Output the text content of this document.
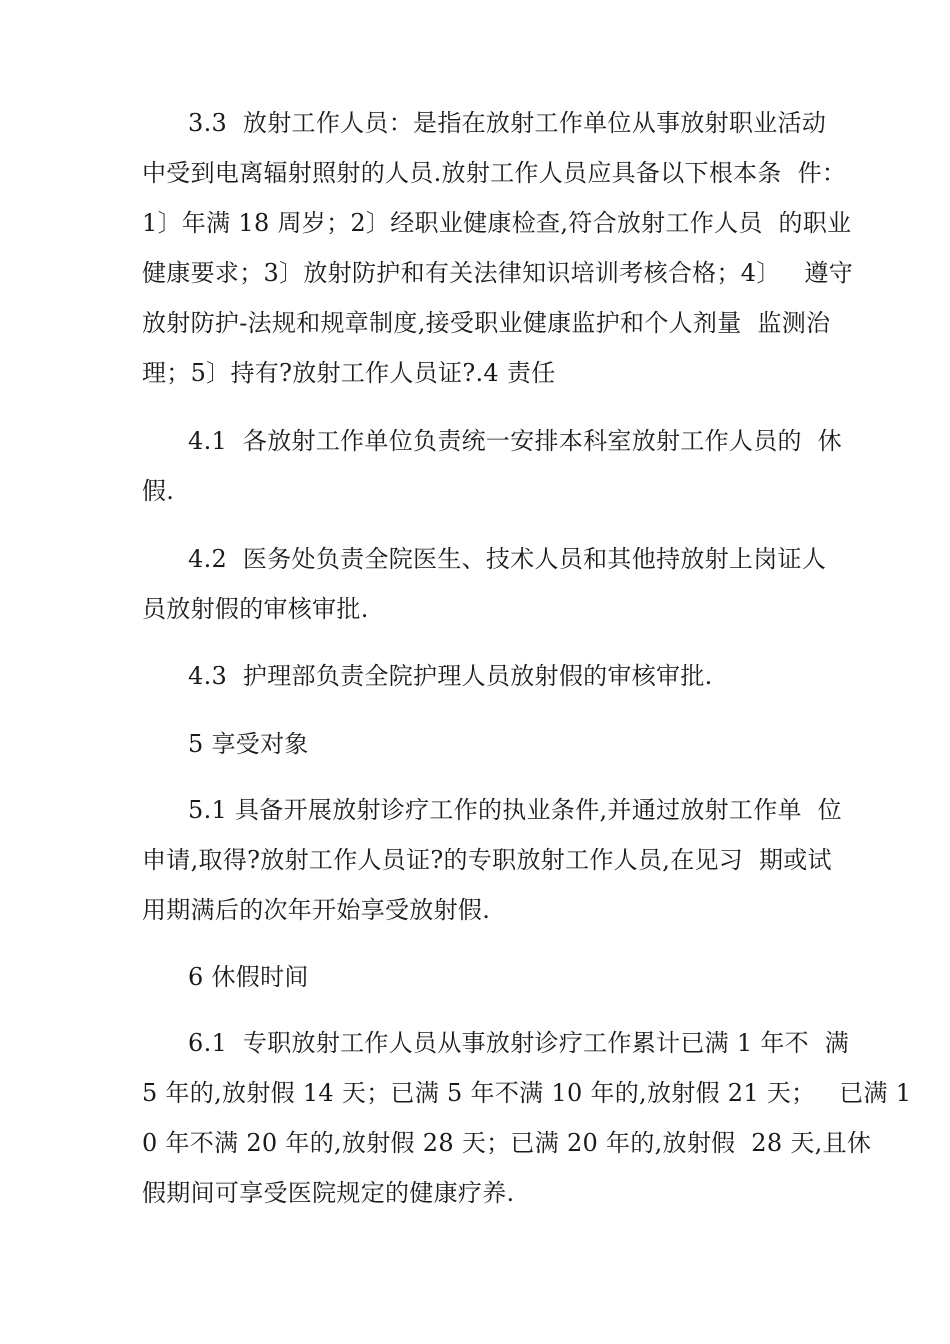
3.3  放射工作人员：是指在放射工作单位从事放射职业活动
中受到电离辐射照射的人员.放射工作人员应具备以下根本条  件：
1〕年满 18 周岁；2〕经职业健康检查,符合放射工作人员  的职业
健康要求；3〕放射防护和有关法律知识培训考核合格；4〕   遵守
放射防护-法规和规章制度,接受职业健康监护和个人剂量  监测治
理；5〕持有?放射工作人员证?.4 责任
4.1  各放射工作单位负责统一安排本科室放射工作人员的  休
假.
4.2  医务处负责全院医生、技术人员和其他持放射上岗证人
员放射假的审核审批.
4.3  护理部负责全院护理人员放射假的审核审批.
5 享受对象
5.1 具备开展放射诊疗工作的执业条件,并通过放射工作单  位
申请,取得?放射工作人员证?的专职放射工作人员,在见习  期或试
用期满后的次年开始享受放射假.
6 休假时间
6.1  专职放射工作人员从事放射诊疗工作累计已满 1 年不  满
5 年的,放射假 14 天；已满 5 年不满 10 年的,放射假 21 天；   已满 1
0 年不满 20 年的,放射假 28 天；已满 20 年的,放射假  28 天,且休
假期间可享受医院规定的健康疗养.
